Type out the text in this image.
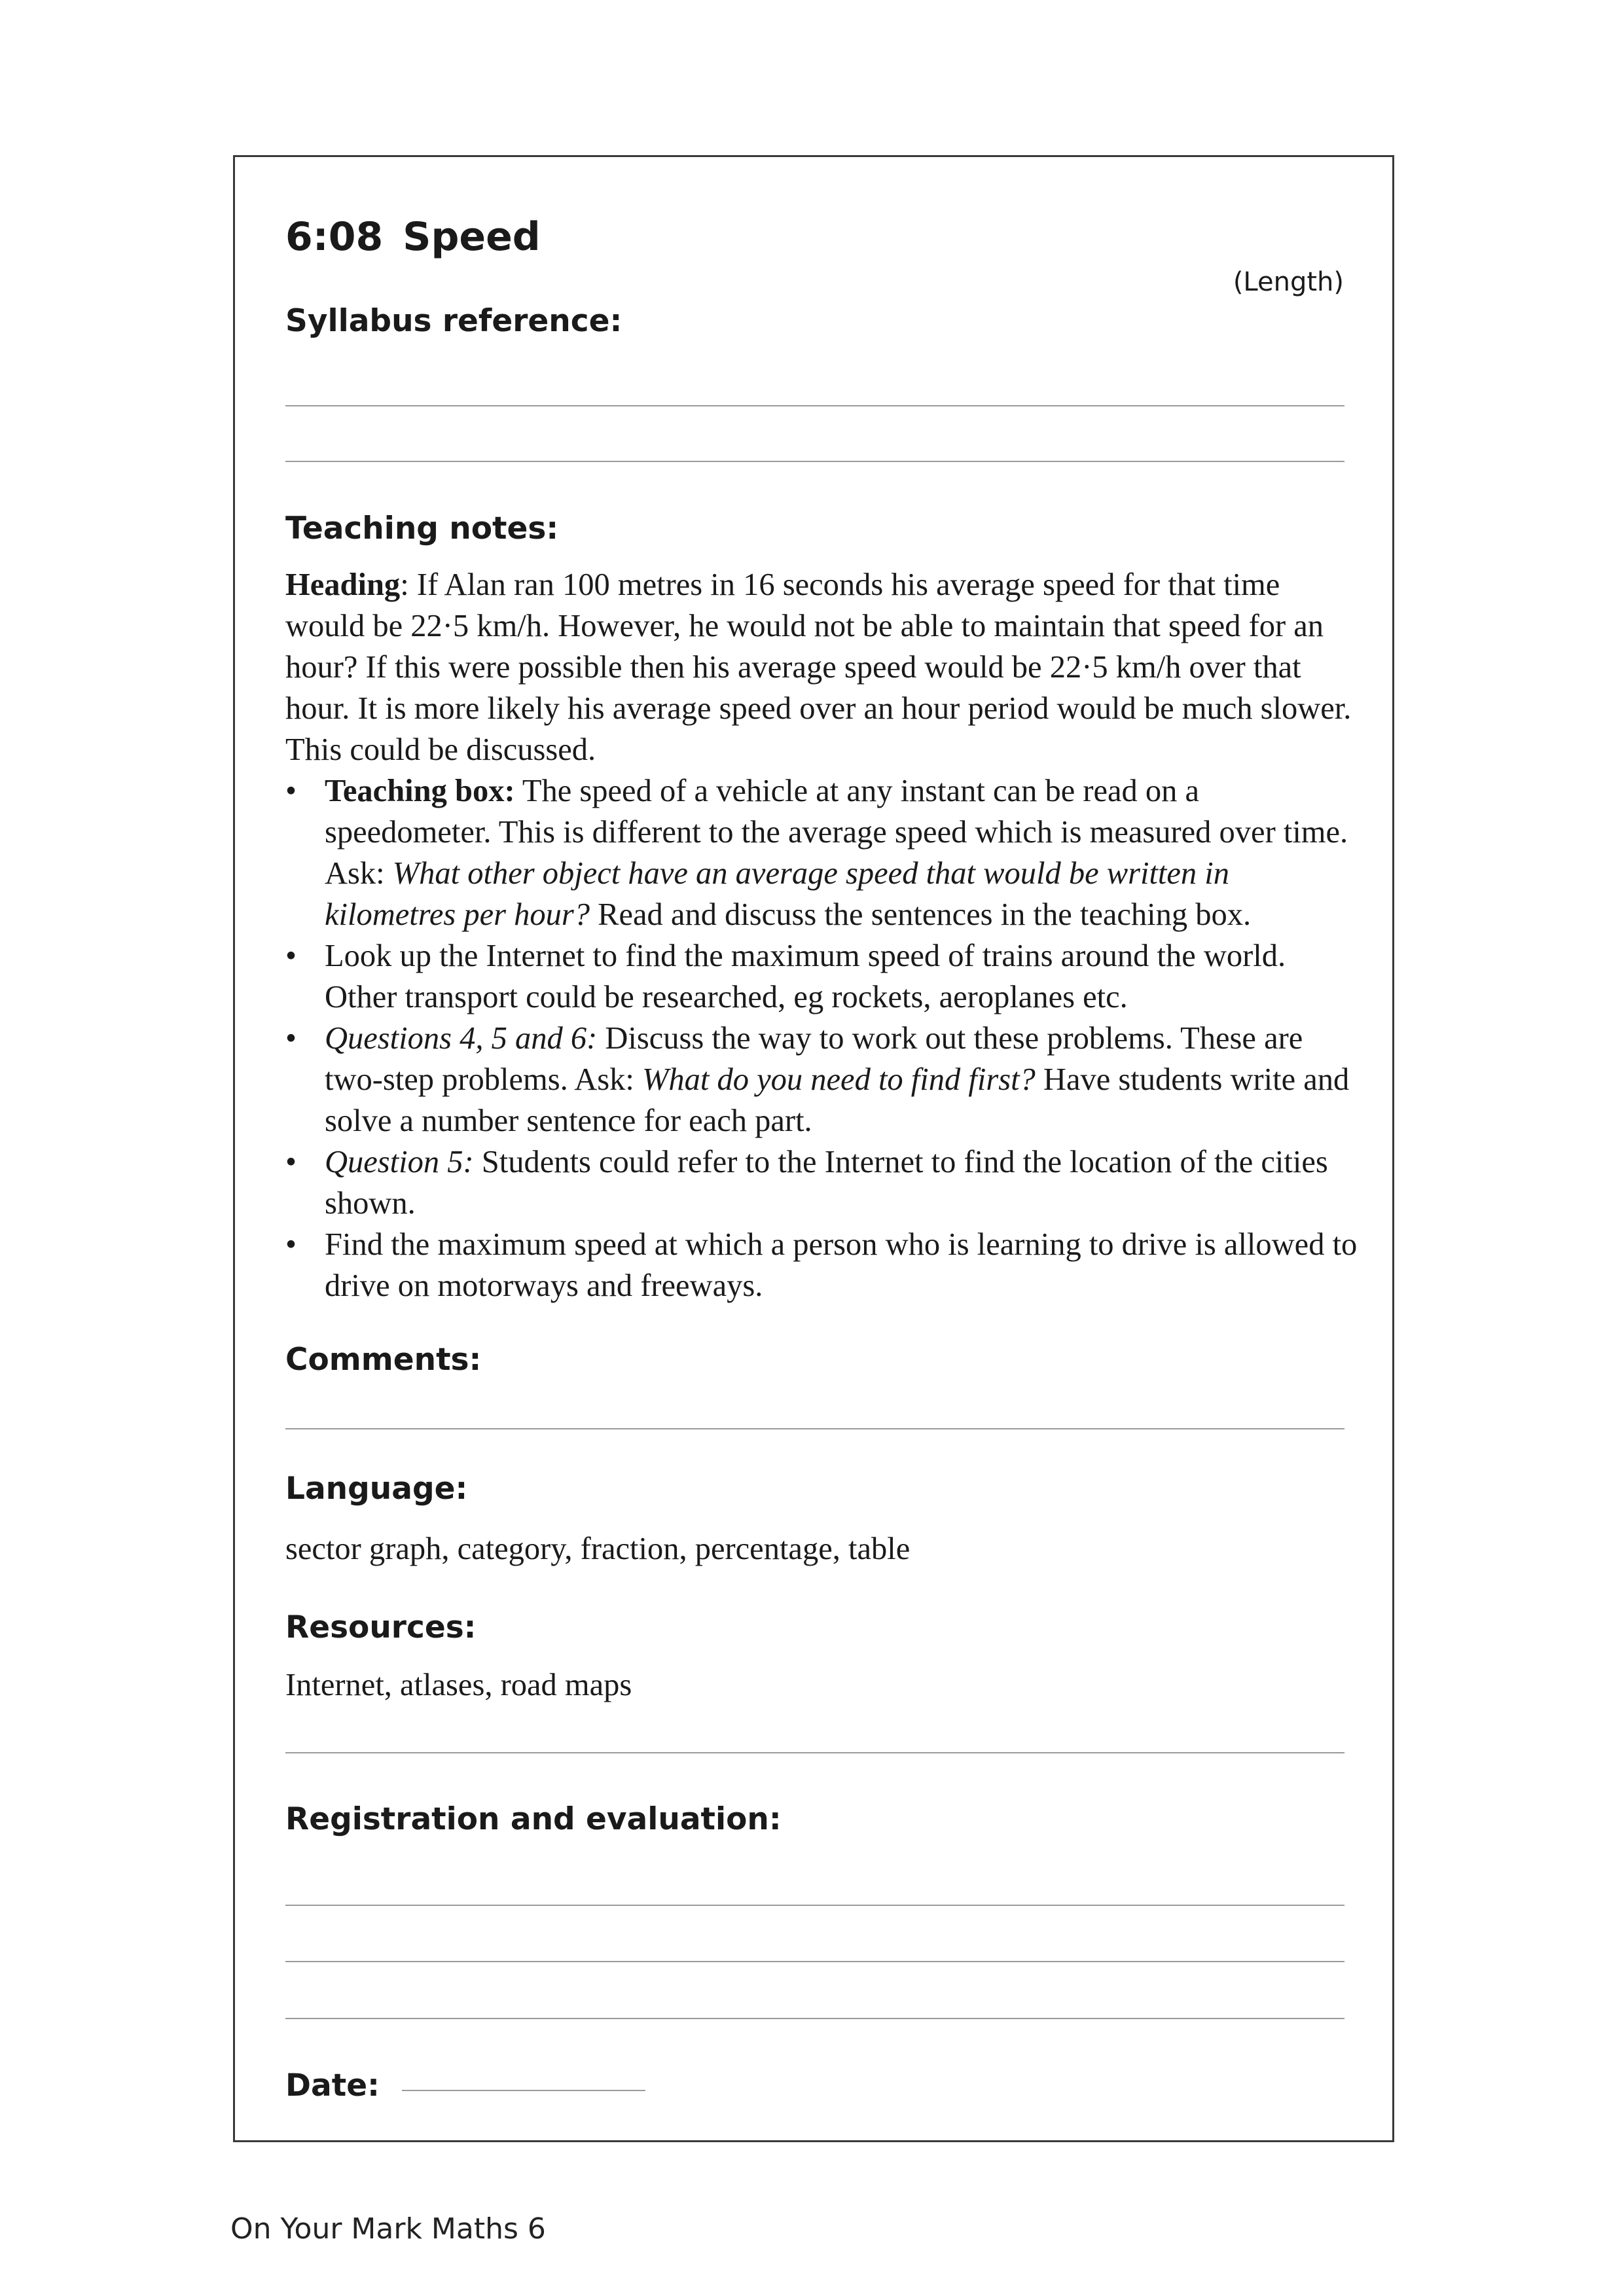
6:08 Speed
(Length)
Syllabus reference:
Teaching notes:

Heading: If Alan ran 100 metres in 16 seconds his average speed for that time would be 22·5 km/h. However, he would not be able to maintain that speed for an hour? If this were possible then his average speed would be 22·5 km/h over that hour. It is more likely his average speed over an hour period would be much slower. This could be discussed.

• Teaching box: The speed of a vehicle at any instant can be read on a speedometer. This is different to the average speed which is measured over time. Ask: What other object have an average speed that would be written in kilometres per hour? Read and discuss the sentences in the teaching box.
• Look up the Internet to find the maximum speed of trains around the world. Other transport could be researched, eg rockets, aeroplanes etc.
• Questions 4, 5 and 6: Discuss the way to work out these problems. These are two-step problems. Ask: What do you need to find first? Have students write and solve a number sentence for each part.
• Question 5: Students could refer to the Internet to find the location of the cities shown.
• Find the maximum speed at which a person who is learning to drive is allowed to drive on motorways and freeways.
Comments:
Language:
sector graph, category, fraction, percentage, table
Resources:
Internet, atlases, road maps
Registration and evaluation:
Date:
On Your Mark Maths 6
